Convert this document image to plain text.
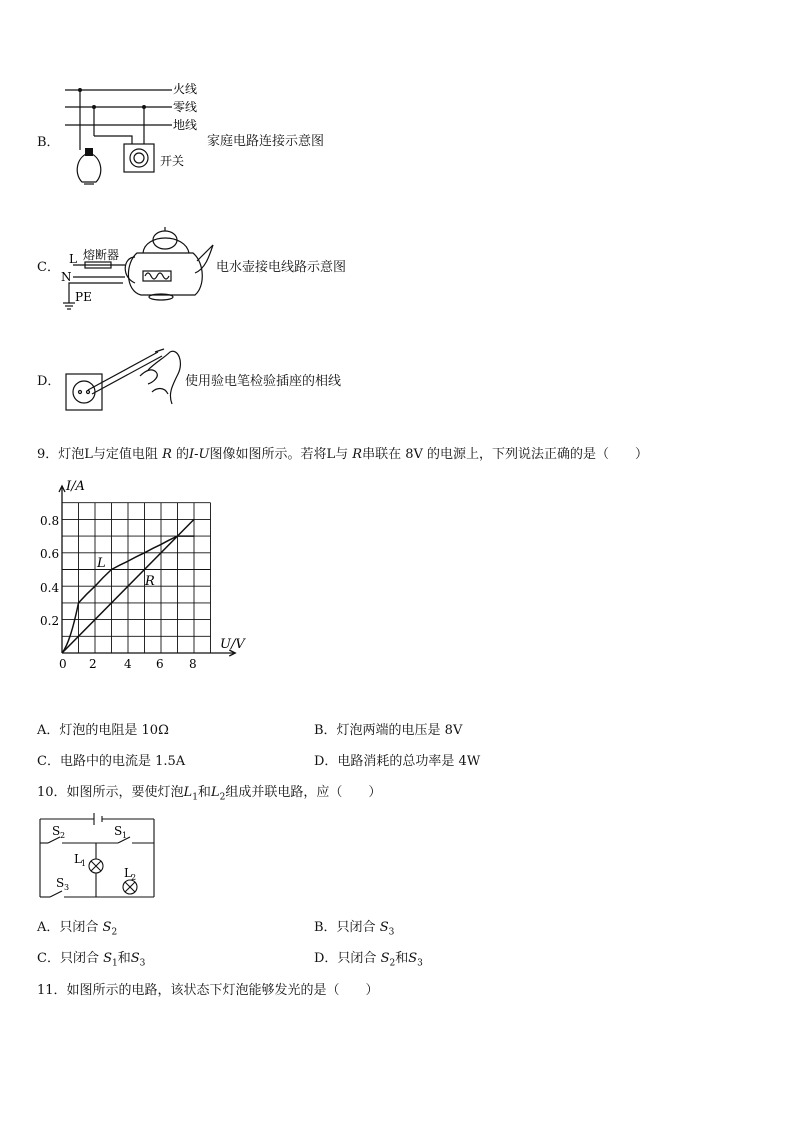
B．
火线
零线
地线
开关
家庭电路连接示意图
C．
L 熔断器
N
PE
电水壶接电线路示意图
D．	使用验电笔检验插座的相线
9．灯泡L与定值电阻 R 的I-U图像如图所示。若将L与 R串联在 8V 的电源上，下列说法正确的是（　　）
I/A
U/V
0.8
0.6
0.4
0.2
0 2 4 6 8
L
R
A．灯泡的电阻是 10Ω	B．灯泡两端的电压是 8V
C．电路中的电流是 1.5A	D．电路消耗的总功率是 4W
10．如图所示，要使灯泡$L_1$和$L_2$组成并联电路，应（　　）
S 2	S 1
L 1
S 3
L 2
A．只闭合 $S_2$	B．只闭合 $S_3$
C．只闭合 $S_1$和$S_3$	D．只闭合 $S_2$和$S_3$
11．如图所示的电路，该状态下灯泡能够发光的是（　　）
